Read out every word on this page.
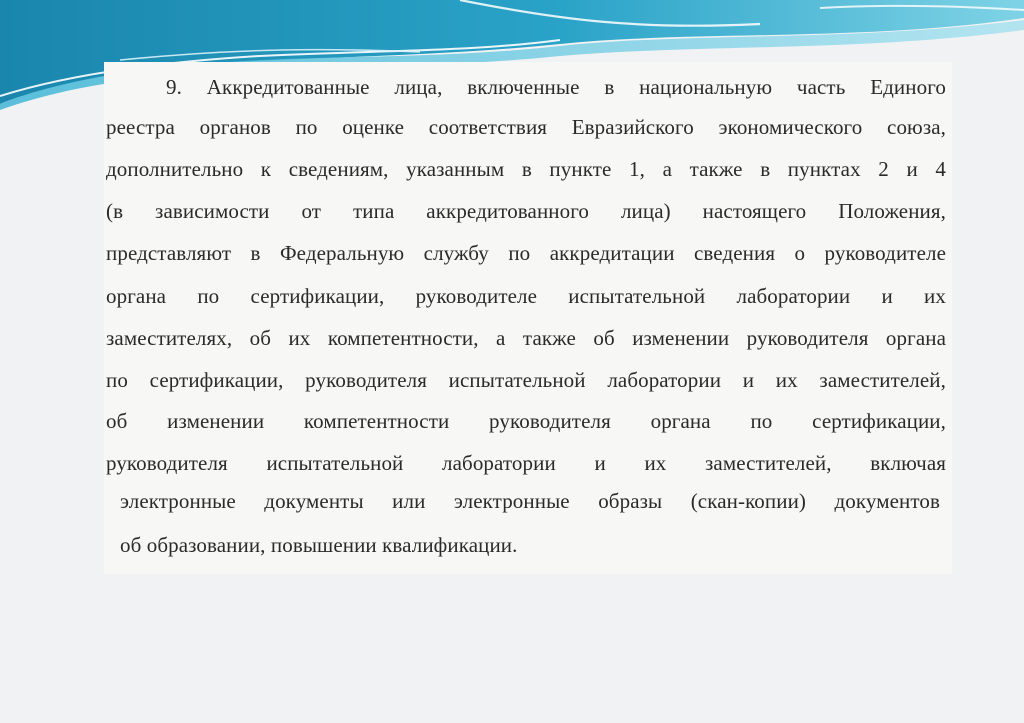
9. Аккредитованные лица, включенные в национальную часть Единого
реестра органов по оценке соответствия Евразийского экономического союза,
дополнительно к сведениям, указанным в пункте 1, а также в пунктах 2 и 4
(в зависимости от типа аккредитованного лица) настоящего Положения,
представляют в Федеральную службу по аккредитации сведения о руководителе
органа по сертификации, руководителе испытательной лаборатории и их
заместителях, об их компетентности, а также об изменении руководителя органа
по сертификации, руководителя испытательной лаборатории и их заместителей,
об изменении компетентности руководителя органа по сертификации,
руководителя испытательной лаборатории и их заместителей, включая
электронные документы или электронные образы (скан-копии) документов
об образовании, повышении квалификации.
